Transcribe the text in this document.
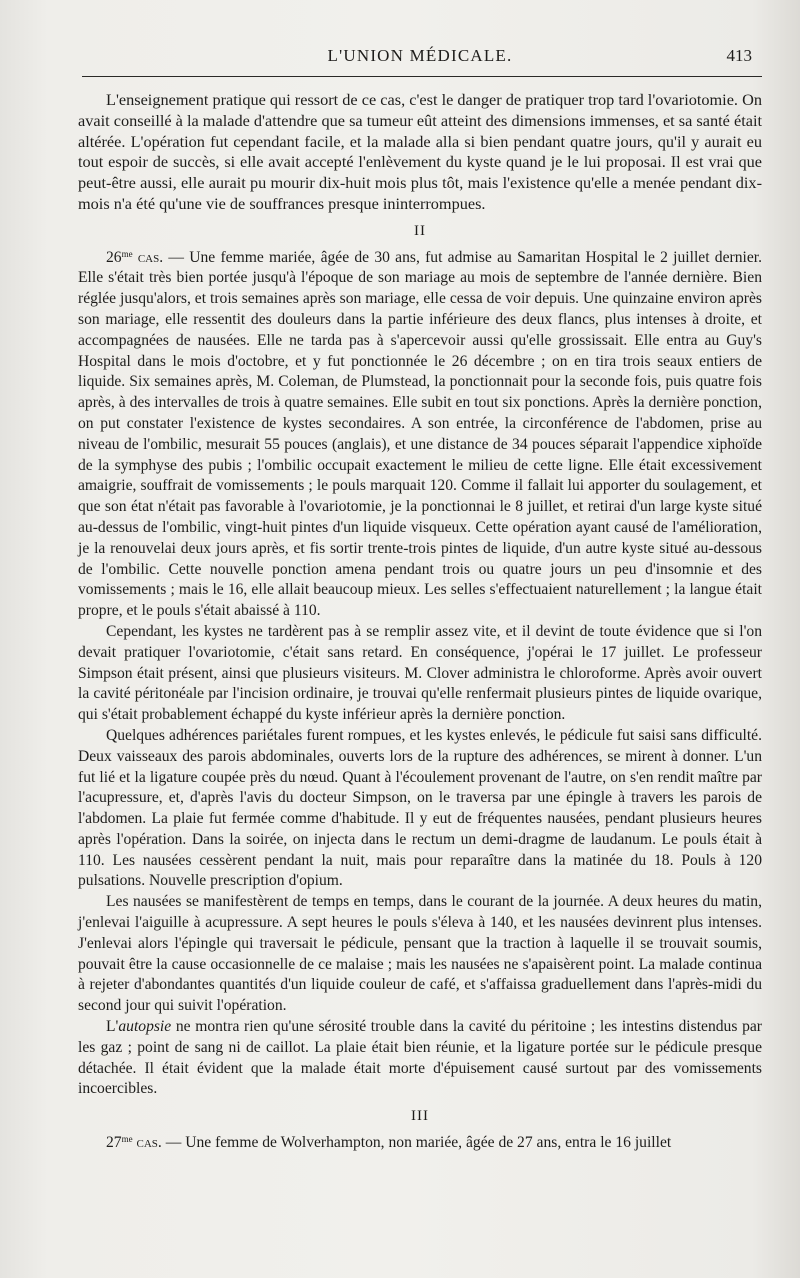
L'UNION MÉDICALE.	413

L'enseignement pratique qui ressort de ce cas, c'est le danger de pratiquer trop tard l'ovariotomie. On avait conseillé à la malade d'attendre que sa tumeur eût atteint des dimensions immenses, et sa santé était altérée. L'opération fut cependant facile, et la malade alla si bien pendant quatre jours, qu'il y aurait eu tout espoir de succès, si elle avait accepté l'enlèvement du kyste quand je le lui proposai. Il est vrai que peut-être aussi, elle aurait pu mourir dix-huit mois plus tôt, mais l'existence qu'elle a menée pendant dix-mois n'a été qu'une vie de souffrances presque ininterrompues.

II

$26^{me}$ cas. — Une femme mariée, âgée de 30 ans, fut admise au Samaritan Hospital le 2 juillet dernier. Elle s'était très bien portée jusqu'à l'époque de son mariage au mois de septembre de l'année dernière. Bien réglée jusqu'alors, et trois semaines après son mariage, elle cessa de voir depuis. Une quinzaine environ après son mariage, elle ressentit des douleurs dans la partie inférieure des deux flancs, plus intenses à droite, et accompagnées de nausées. Elle ne tarda pas à s'apercevoir aussi qu'elle grossissait. Elle entra au Guy's Hospital dans le mois d'octobre, et y fut ponctionnée le 26 décembre ; on en tira trois seaux entiers de liquide. Six semaines après, M. Coleman, de Plumstead, la ponctionnait pour la seconde fois, puis quatre fois après, à des intervalles de trois à quatre semaines. Elle subit en tout six ponctions. Après la dernière ponction, on put constater l'existence de kystes secondaires. A son entrée, la circonférence de l'abdomen, prise au niveau de l'ombilic, mesurait 55 pouces (anglais), et une distance de 34 pouces séparait l'appendice xiphoïde de la symphyse des pubis ; l'ombilic occupait exactement le milieu de cette ligne. Elle était excessivement amaigrie, souffrait de vomissements ; le pouls marquait 120. Comme il fallait lui apporter du soulagement, et que son état n'était pas favorable à l'ovariotomie, je la ponctionnai le 8 juillet, et retirai d'un large kyste situé au-dessus de l'ombilic, vingt-huit pintes d'un liquide visqueux. Cette opération ayant causé de l'amélioration, je la renouvelai deux jours après, et fis sortir trente-trois pintes de liquide, d'un autre kyste situé au-dessous de l'ombilic. Cette nouvelle ponction amena pendant trois ou quatre jours un peu d'insomnie et des vomissements ; mais le 16, elle allait beaucoup mieux. Les selles s'effectuaient naturellement ; la langue était propre, et le pouls s'était abaissé à 110.

Cependant, les kystes ne tardèrent pas à se remplir assez vite, et il devint de toute évidence que si l'on devait pratiquer l'ovariotomie, c'était sans retard. En conséquence, j'opérai le 17 juillet. Le professeur Simpson était présent, ainsi que plusieurs visiteurs. M. Clover administra le chloroforme. Après avoir ouvert la cavité péritonéale par l'incision ordinaire, je trouvai qu'elle renfermait plusieurs pintes de liquide ovarique, qui s'était probablement échappé du kyste inférieur après la dernière ponction.

Quelques adhérences pariétales furent rompues, et les kystes enlevés, le pédicule fut saisi sans difficulté. Deux vaisseaux des parois abdominales, ouverts lors de la rupture des adhérences, se mirent à donner. L'un fut lié et la ligature coupée près du nœud. Quant à l'écoulement provenant de l'autre, on s'en rendit maître par l'acupressure, et, d'après l'avis du docteur Simpson, on le traversa par une épingle à travers les parois de l'abdomen. La plaie fut fermée comme d'habitude. Il y eut de fréquentes nausées, pendant plusieurs heures après l'opération. Dans la soirée, on injecta dans le rectum un demi-dragme de laudanum. Le pouls était à 110. Les nausées cessèrent pendant la nuit, mais pour reparaître dans la matinée du 18. Pouls à 120 pulsations. Nouvelle prescription d'opium.

Les nausées se manifestèrent de temps en temps, dans le courant de la journée. A deux heures du matin, j'enlevai l'aiguille à acupressure. A sept heures le pouls s'éleva à 140, et les nausées devinrent plus intenses. J'enlevai alors l'épingle qui traversait le pédicule, pensant que la traction à laquelle il se trouvait soumis, pouvait être la cause occasionnelle de ce malaise ; mais les nausées ne s'apaisèrent point. La malade continua à rejeter d'abondantes quantités d'un liquide couleur de café, et s'affaissa graduellement dans l'après-midi du second jour qui suivit l'opération.

L'autopsie ne montra rien qu'une sérosité trouble dans la cavité du péritoine ; les intestins distendus par les gaz ; point de sang ni de caillot. La plaie était bien réunie, et la ligature portée sur le pédicule presque détachée. Il était évident que la malade était morte d'épuisement causé surtout par des vomissements incoercibles.

III

$27^{me}$ cas. — Une femme de Wolverhampton, non mariée, âgée de 27 ans, entra le 16 juillet
